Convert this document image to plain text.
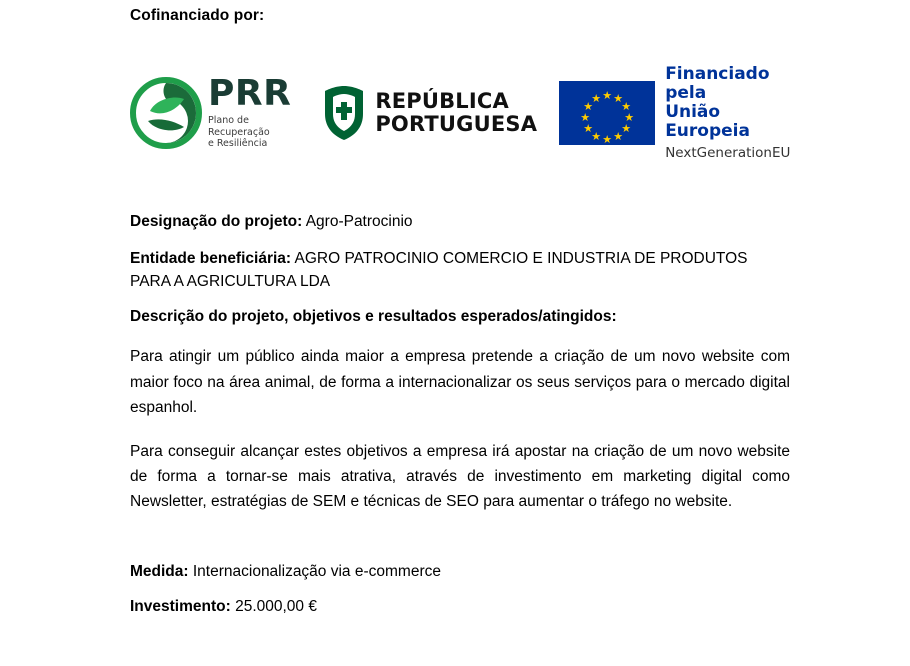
Cofinanciado por:
PRR
Plano de Recuperação
e Resiliência
REPÚBLICA
PORTUGUESA
★ ★
★
★
★
★
★
★
★
★
★
★
Financiado pela
União Europeia
NextGenerationEU
Designação do projeto: Agro-Patrocinio
Entidade beneficiária: AGRO PATROCINIO COMERCIO E INDUSTRIA DE PRODUTOS PARA A AGRICULTURA LDA
Descrição do projeto, objetivos e resultados esperados/atingidos:
Para atingir um público ainda maior a empresa pretende a criação de um novo website com maior foco na área animal, de forma a internacionalizar os seus serviços para o mercado digital espanhol.
Para conseguir alcançar estes objetivos a empresa irá apostar na criação de um novo website de forma a tornar-se mais atrativa, através de investimento em marketing digital como Newsletter, estratégias de SEM e técnicas de SEO para aumentar o tráfego no website.
Medida: Internacionalização via e-commerce
Investimento: 25.000,00 €
